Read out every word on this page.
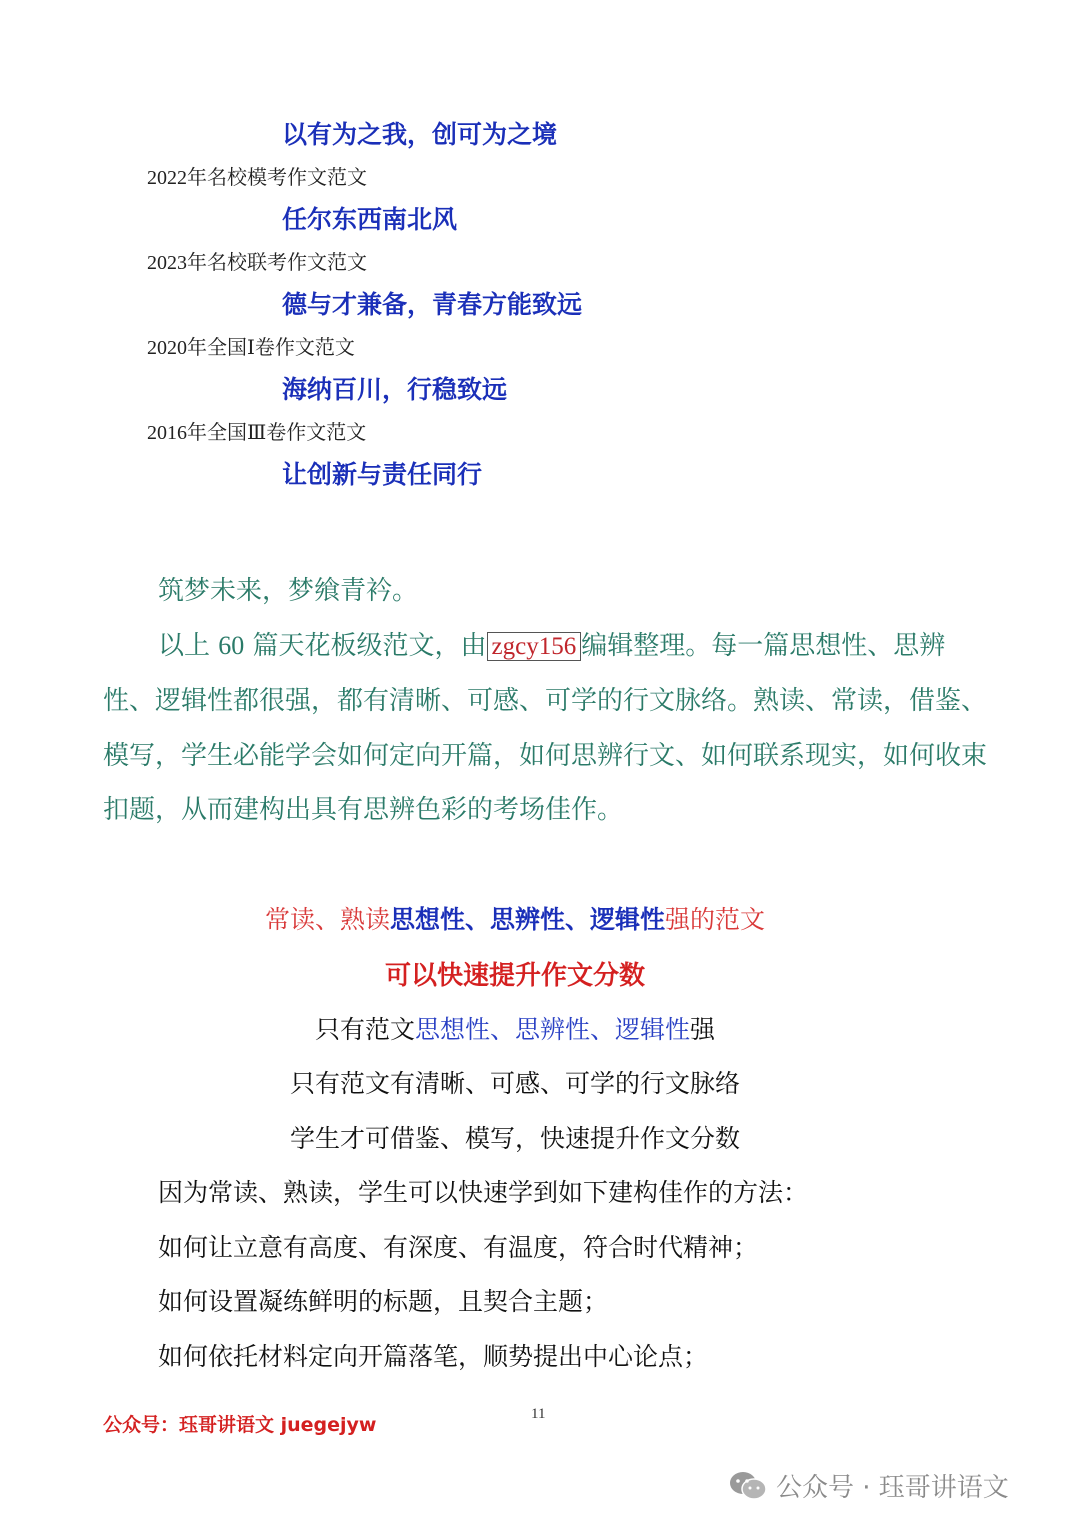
以有为之我，创可为之境
2022年名校模考作文范文
任尔东西南北风
2023年名校联考作文范文
德与才兼备，青春方能致远
2020年全国Ⅰ卷作文范文
海纳百川，行稳致远
2016年全国Ⅲ卷作文范文
让创新与责任同行
筑梦未来，梦飨青衿。
以上 60 篇天花板级范文，由 zgcy156 编辑整理。每一篇思想性、思辨性、逻辑性都很强，都有清晰、可感、可学的行文脉络。熟读、常读，借鉴、模写，学生必能学会如何定向开篇，如何思辨行文、如何联系现实，如何收束扣题，从而建构出具有思辨色彩的考场佳作。
常读、熟读思想性、思辨性、逻辑性强的范文
可以快速提升作文分数
只有范文思想性、思辨性、逻辑性强
只有范文有清晰、可感、可学的行文脉络
学生才可借鉴、模写，快速提升作文分数
因为常读、熟读，学生可以快速学到如下建构佳作的方法：
如何让立意有高度、有深度、有温度，符合时代精神；
如何设置凝练鲜明的标题，且契合主题；
如何依托材料定向开篇落笔，顺势提出中心论点；
公众号：珏哥讲语文 juegejyw	11
公众号 · 珏哥讲语文
